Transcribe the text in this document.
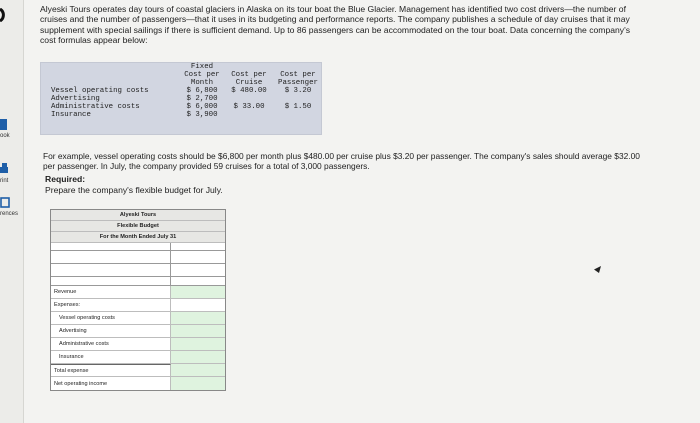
ook
rint
rences

Alyeski Tours operates day tours of coastal glaciers in Alaska on its tour boat the Blue Glacier. Management has identified two cost drivers—the number of cruises and the number of passengers—that it uses in its budgeting and performance reports. The company publishes a schedule of day cruises that it may supplement with special sailings if there is sufficient demand. Up to 86 passengers can be accommodated on the tour boat. Data concerning the company's cost formulas appear below:

	Fixed		
	Cost per	Cost per	Cost per
	Month	Cruise	Passenger
Vessel operating costs	$ 6,800	$ 480.00	$ 3.20
Advertising	$ 2,700		
Administrative costs	$ 6,000	$ 33.00	$ 1.50
Insurance	$ 3,900		

For example, vessel operating costs should be $6,800 per month plus $480.00 per cruise plus $3.20 per passenger. The company's sales should average $32.00 per passenger. In July, the company provided 59 cruises for a total of 3,000 passengers.

Required:
Prepare the company's flexible budget for July.
Alyeski Tours
Flexible Budget
For the Month Ended July 31
Revenue
Expenses:
Vessel operating costs
Advertising
Administrative costs
Insurance
Total expense
Net operating income
